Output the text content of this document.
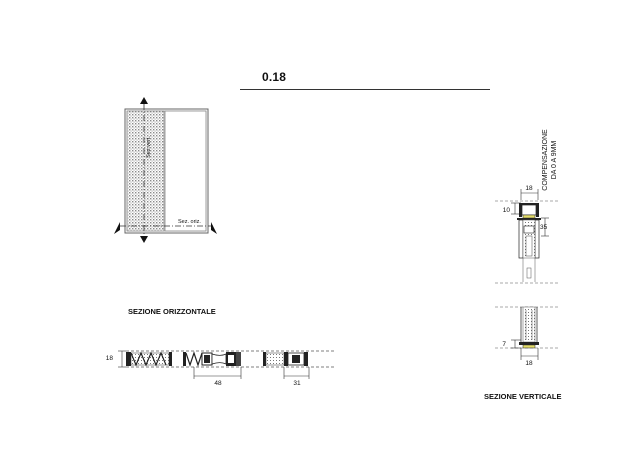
0.18
Sez.vert.
Sez. oriz.
SEZIONE ORIZZONTALE
18
48	31
COMPENSAZIONE DA 0 A 9MM
18
10
35
7
18
SEZIONE VERTICALE
